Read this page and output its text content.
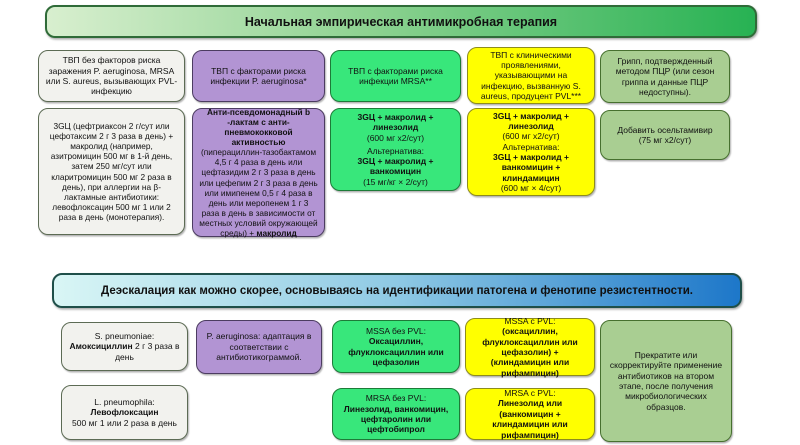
Начальная эмпирическая антимикробная терапия
ТВП без факторов риска заражения P. aeruginosa, MRSA или S. aureus, вызывающих PVL-инфекцию
ТВП с факторами риска инфекции P. aeruginosa*
ТВП с факторами риска инфекции MRSA**
ТВП с клиническими проявлениями, указывающими на инфекцию, вызванную S. aureus, продуцент PVL***
Грипп, подтвержденный методом ПЦР (или сезон гриппа и данные ПЦР недоступны).
3GЦ (цефтриаксон 2 г/сут или цефотаксим 2 г 3 раза в день) + макролид (например, азитромицин 500 мг в 1-й день, затем 250 мг/сут или кларитромицин 500 мг 2 раза в день), при аллергии на β-лактамные антибиотики: левофлоксацин 500 мг 1 или 2 раза в день (монотерапия).
Анти-псевдомонадный b -лактам с анти-пневмококковой активностью
(пиперациллин-тазобактамом 4,5 г 4 раза в день или цефтазидим 2 г 3 раза в день или цефепим 2 г 3 раза в день или имипенем 0,5 г 4 раза в день или меропенем 1 г 3 раза в день в зависимости от местных условий окружающей среды) + макролид
3GЦ + макролид + линезолид
(600 мг х2/сут)
Альтернатива:
3GЦ + макролид + ванкомицин
(15 мг/кг × 2/сут)
3GЦ + макролид + линезолид
(600 мг х2/сут)
Альтернатива:
3GЦ + макролид + ванкомицин + клиндамицин
(600 мг × 4/сут)
Добавить осельтамивир
(75 мг х2/сут)
Деэскалация как можно скорее, основываясь на идентификации патогена и фенотипе резистентности.
S. pneumoniae:
Амоксициллин 2 г 3 раза в день
P. aeruginosa: адаптация в соответствии с антибиотикограммой.
MSSA без PVL:
Оксациллин, флуклоксациллин или цефазолин
MSSA с PVL:
(оксациллин, флуклоксациллин или цефазолин) + (клиндамицин или рифампицин)
Прекратите или скорректируйте применение антибиотиков на втором этапе, после получения микробиологических образцов.
L. pneumophila:
Левофлоксацин
500 мг 1 или 2 раза в день
MRSA без PVL:
Линезолид, ванкомицин, цефтаролин или цефтобипрол
MRSA с PVL:
Линезолид или (ванкомицин + клиндамицин или рифампицин)
